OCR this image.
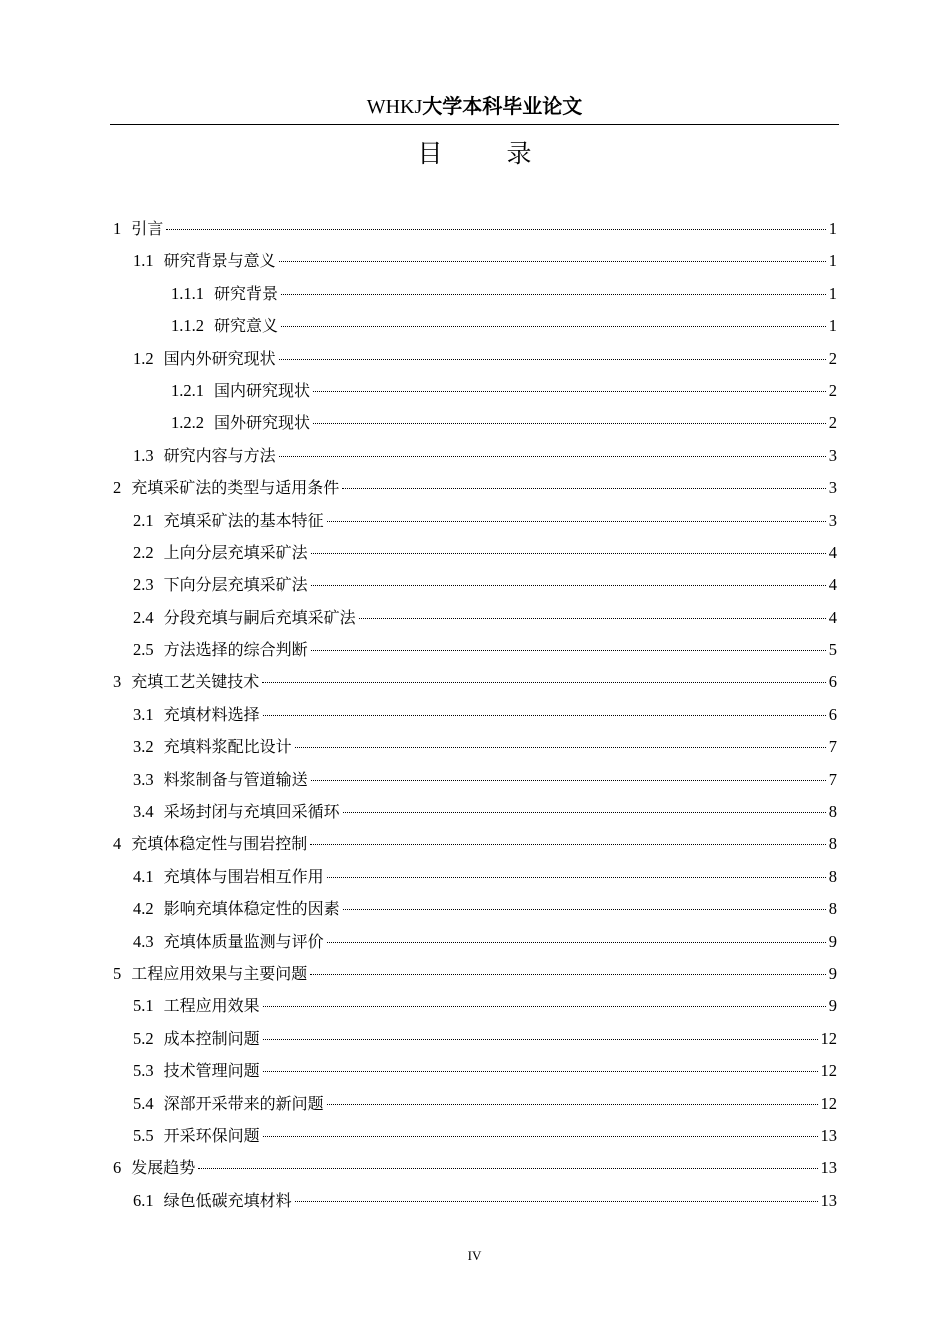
WHKJ大学本科毕业论文
目 录
1 引言	1
1.1 研究背景与意义	1
1.1.1 研究背景	1
1.1.2 研究意义	1
1.2 国内外研究现状	2
1.2.1 国内研究现状	2
1.2.2 国外研究现状	2
1.3 研究内容与方法	3
2 充填采矿法的类型与适用条件	3
2.1 充填采矿法的基本特征	3
2.2 上向分层充填采矿法	4
2.3 下向分层充填采矿法	4
2.4 分段充填与嗣后充填采矿法	4
2.5 方法选择的综合判断	5
3 充填工艺关键技术	6
3.1 充填材料选择	6
3.2 充填料浆配比设计	7
3.3 料浆制备与管道输送	7
3.4 采场封闭与充填回采循环	8
4 充填体稳定性与围岩控制	8
4.1 充填体与围岩相互作用	8
4.2 影响充填体稳定性的因素	8
4.3 充填体质量监测与评价	9
5 工程应用效果与主要问题	9
5.1 工程应用效果	9
5.2 成本控制问题	12
5.3 技术管理问题	12
5.4 深部开采带来的新问题	12
5.5 开采环保问题	13
6 发展趋势	13
6.1 绿色低碳充填材料	13
IV
